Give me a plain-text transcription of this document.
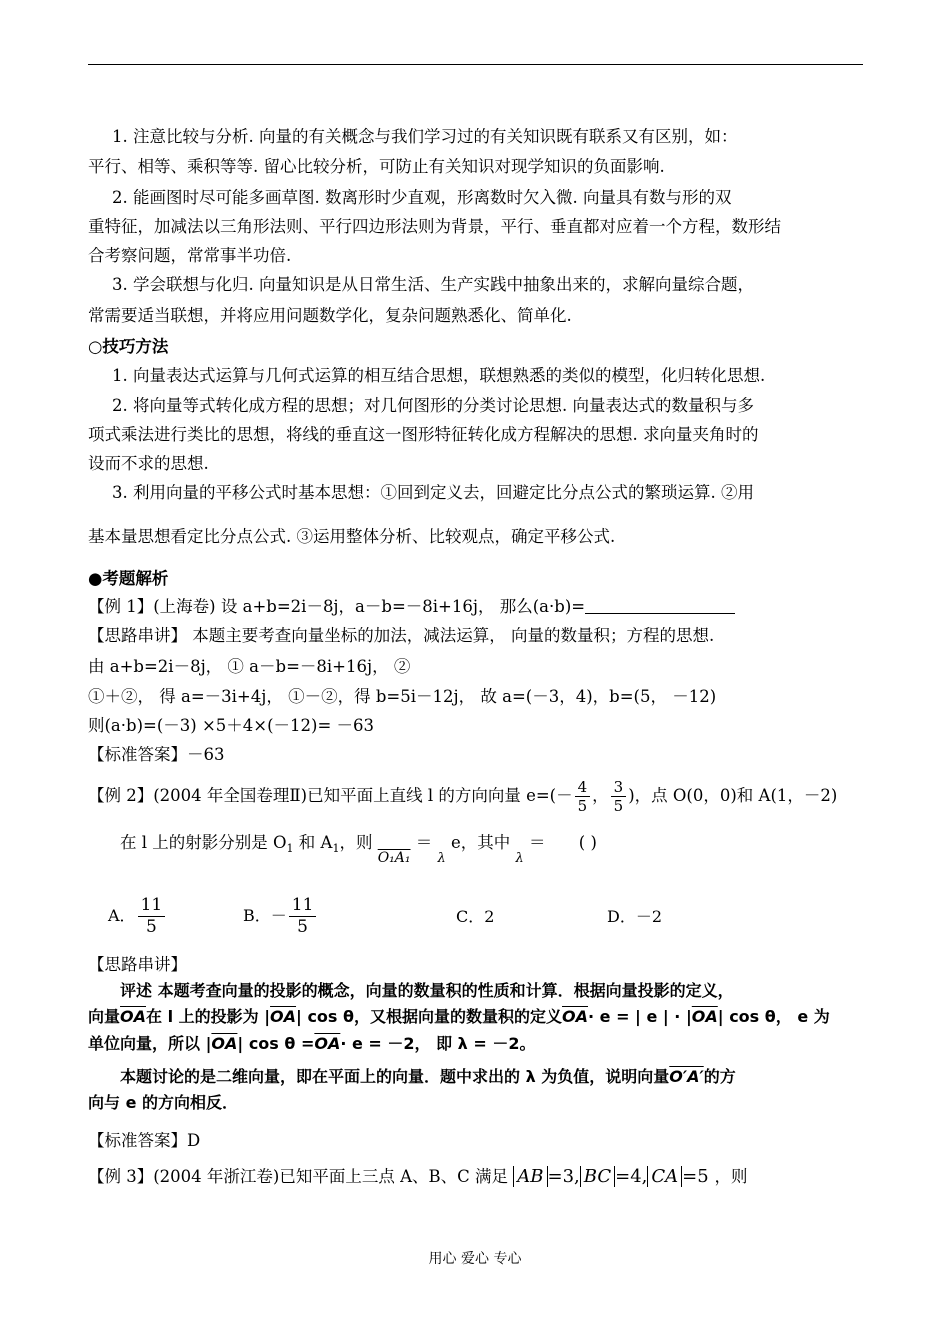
1. 注意比较与分析. 向量的有关概念与我们学习过的有关知识既有联系又有区别，如：
平行、相等、乘积等等. 留心比较分析，可防止有关知识对现学知识的负面影响.
2. 能画图时尽可能多画草图. 数离形时少直观，形离数时欠入微. 向量具有数与形的双
重特征，加减法以三角形法则、平行四边形法则为背景，平行、垂直都对应着一个方程，数形结
合考察问题，常常事半功倍.
3. 学会联想与化归. 向量知识是从日常生活、生产实践中抽象出来的，求解向量综合题，
常需要适当联想，并将应用问题数学化，复杂问题熟悉化、简单化.
○技巧方法
1. 向量表达式运算与几何式运算的相互结合思想，联想熟悉的类似的模型，化归转化思想.
2. 将向量等式转化成方程的思想；对几何图形的分类讨论思想. 向量表达式的数量积与多
项式乘法进行类比的思想，将线的垂直这一图形特征转化成方程解决的思想. 求向量夹角时的
设而不求的思想.
3. 利用向量的平移公式时基本思想：①回到定义去，回避定比分点公式的繁琐运算. ②用
基本量思想看定比分点公式. ③运用整体分析、比较观点，确定平移公式.
●考题解析
【例 1】(上海卷) 设 a+b=2i－8j，a－b=－8i+16j， 那么(a·b)=
【思路串讲】 本题主要考查向量坐标的加法，减法运算， 向量的数量积；方程的思想.
由 a+b=2i－8j， ① a－b=－8i+16j， ②
①＋②， 得 a=－3i+4j， ①－②，得 b=5i－12j， 故 a=(－3，4)，b=(5， －12)
则(a·b)=(－3) ×5＋4×(－12)= －63
【标准答案】－63
【例 2】(2004 年全国卷理Ⅱ)已知平面上直线 l 的方向向量 $e=(- \frac{4}{5}$ ， $\frac{3}{5}$ )，点 O(0，0)和 A(1，－2)
在 l 上的射影分别是 $O_1$ 和 $A_1$，则 $_{O_1A_1}$ ＝ $_\lambda$ e，其中 $_\lambda$ ＝ ( )
A． $\frac{11}{5}$	B．－ $\frac{11}{5}$	C．2	D．－2
【思路串讲】
评述 本题考查向量的投影的概念，向量的数量积的性质和计算．根据向量投影的定义，
向量$\overline{OA}$在 l 上的投影为 $|\overline{OA}|$ cos θ，又根据向量的数量积的定义$\overline{OA}\cdot e$ = | e | · $|\overline{OA}|$ cos θ， e 为
单位向量，所以 $|\overline{OA}|$ $\cos \theta =\overline{OA}\cdot e = -2$， 即 λ = －2。
本题讨论的是二维向量，即在平面上的向量．题中求出的 λ 为负值，说明向量O′A′的方
向与 e 的方向相反．
【标准答案】D
【例 3】(2004 年浙江卷)已知平面上三点 A、B、C 满足 AB =3, BC =4, CA =5 ，则
用心 爱心 专心
